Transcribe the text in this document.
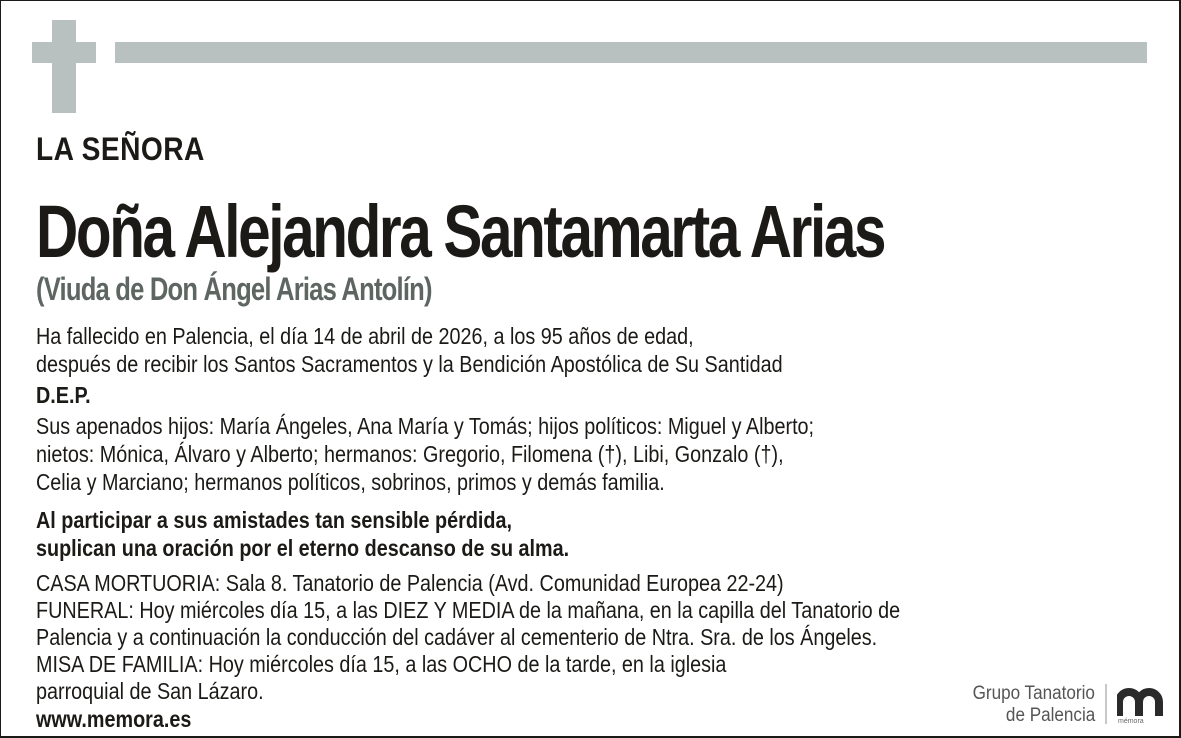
LA SEÑORA
Doña Alejandra Santamarta Arias
(Viuda de Don Ángel Arias Antolín)
Ha fallecido en Palencia, el día 14 de abril de 2026, a los 95 años de edad,
después de recibir los Santos Sacramentos y la Bendición Apostólica de Su Santidad
D.E.P.
Sus apenados hijos: María Ángeles, Ana María y Tomás; hijos políticos: Miguel y Alberto;
nietos: Mónica, Álvaro y Alberto; hermanos: Gregorio, Filomena (†), Libi, Gonzalo (†),
Celia y Marciano; hermanos políticos, sobrinos, primos y demás familia.
Al participar a sus amistades tan sensible pérdida,
suplican una oración por el eterno descanso de su alma.
CASA MORTUORIA: Sala 8. Tanatorio de Palencia (Avd. Comunidad Europea 22-24)
FUNERAL: Hoy miércoles día 15, a las DIEZ Y MEDIA de la mañana, en la capilla del Tanatorio de
Palencia y a continuación la conducción del cadáver al cementerio de Ntra. Sra. de los Ángeles.
MISA DE FAMILIA: Hoy miércoles día 15, a las OCHO de la tarde, en la iglesia
parroquial de San Lázaro.
www.memora.es
Grupo Tanatorio
de Palencia	mémora
